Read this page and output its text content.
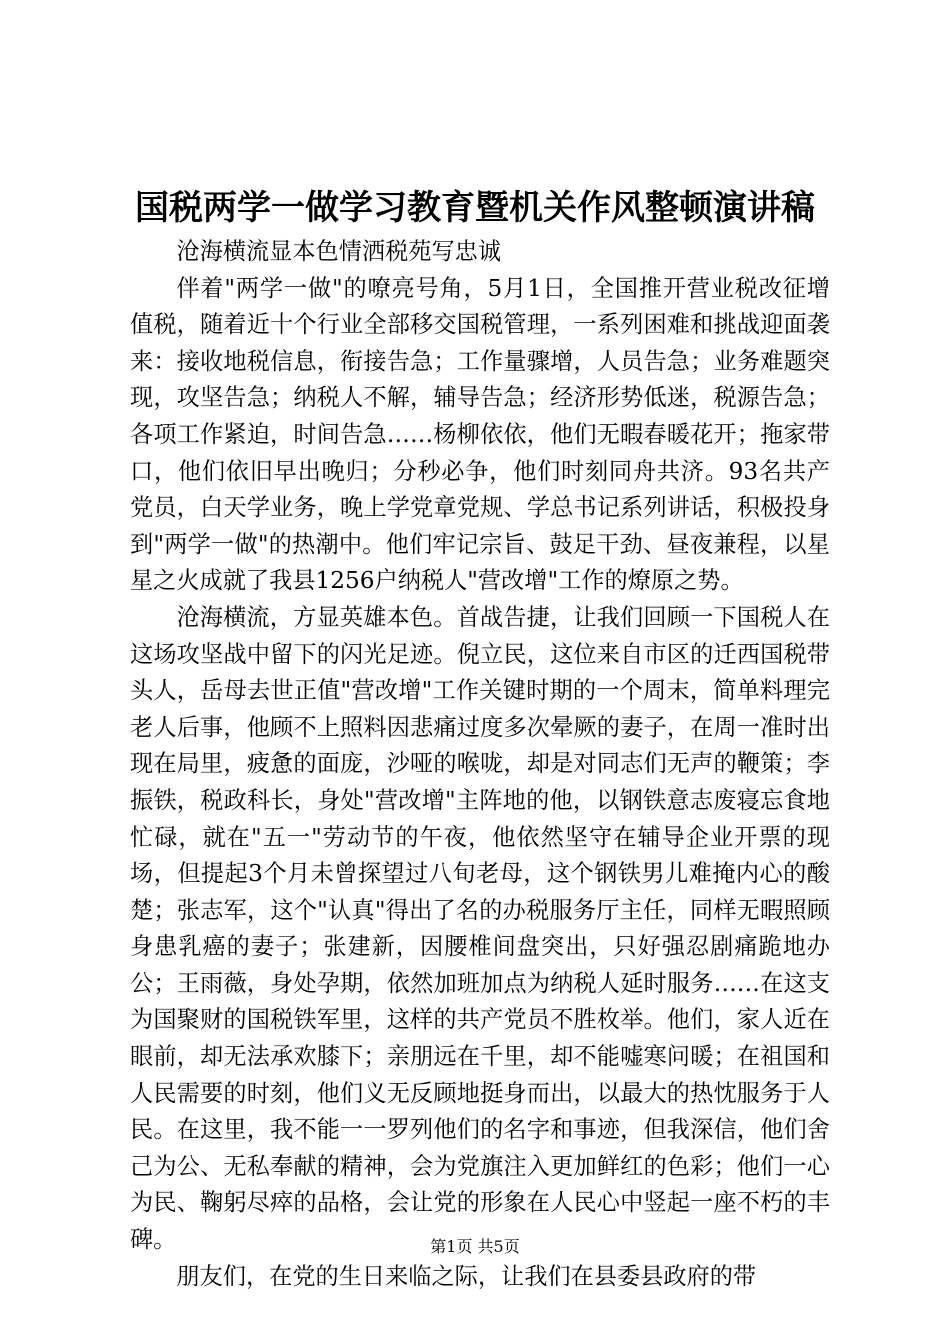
国税两学一做学习教育暨机关作风整顿演讲稿

沧海横流显本色情洒税苑写忠诚

伴着"两学一做"的嘹亮号角，5月1日，全国推开营业税改征增值税，随着近十个行业全部移交国税管理，一系列困难和挑战迎面袭来：接收地税信息，衔接告急；工作量骤增，人员告急；业务难题突现，攻坚告急；纳税人不解，辅导告急；经济形势低迷，税源告急；各项工作紧迫，时间告急……杨柳依依，他们无暇春暖花开；拖家带口，他们依旧早出晚归；分秒必争，他们时刻同舟共济。93名共产党员，白天学业务，晚上学党章党规、学总书记系列讲话，积极投身到"两学一做"的热潮中。他们牢记宗旨、鼓足干劲、昼夜兼程，以星星之火成就了我县1256户纳税人"营改增"工作的燎原之势。

沧海横流，方显英雄本色。首战告捷，让我们回顾一下国税人在这场攻坚战中留下的闪光足迹。倪立民，这位来自市区的迁西国税带头人，岳母去世正值"营改增"工作关键时期的一个周末，简单料理完老人后事，他顾不上照料因悲痛过度多次晕厥的妻子，在周一准时出现在局里，疲惫的面庞，沙哑的喉咙，却是对同志们无声的鞭策；李振铁，税政科长，身处"营改增"主阵地的他，以钢铁意志废寝忘食地忙碌，就在"五一"劳动节的午夜，他依然坚守在辅导企业开票的现场，但提起3个月未曾探望过八旬老母，这个钢铁男儿难掩内心的酸楚；张志军，这个"认真"得出了名的办税服务厅主任，同样无暇照顾身患乳癌的妻子；张建新，因腰椎间盘突出，只好强忍剧痛跪地办公；王雨薇，身处孕期，依然加班加点为纳税人延时服务……在这支为国聚财的国税铁军里，这样的共产党员不胜枚举。他们，家人近在眼前，却无法承欢膝下；亲朋远在千里，却不能嘘寒问暖；在祖国和人民需要的时刻，他们义无反顾地挺身而出，以最大的热忱服务于人民。在这里，我不能一一罗列他们的名字和事迹，但我深信，他们舍己为公、无私奉献的精神，会为党旗注入更加鲜红的色彩；他们一心为民、鞠躬尽瘁的品格，会让党的形象在人民心中竖起一座不朽的丰碑。

朋友们，在党的生日来临之际，让我们在县委县政府的带

第1页 共5页
